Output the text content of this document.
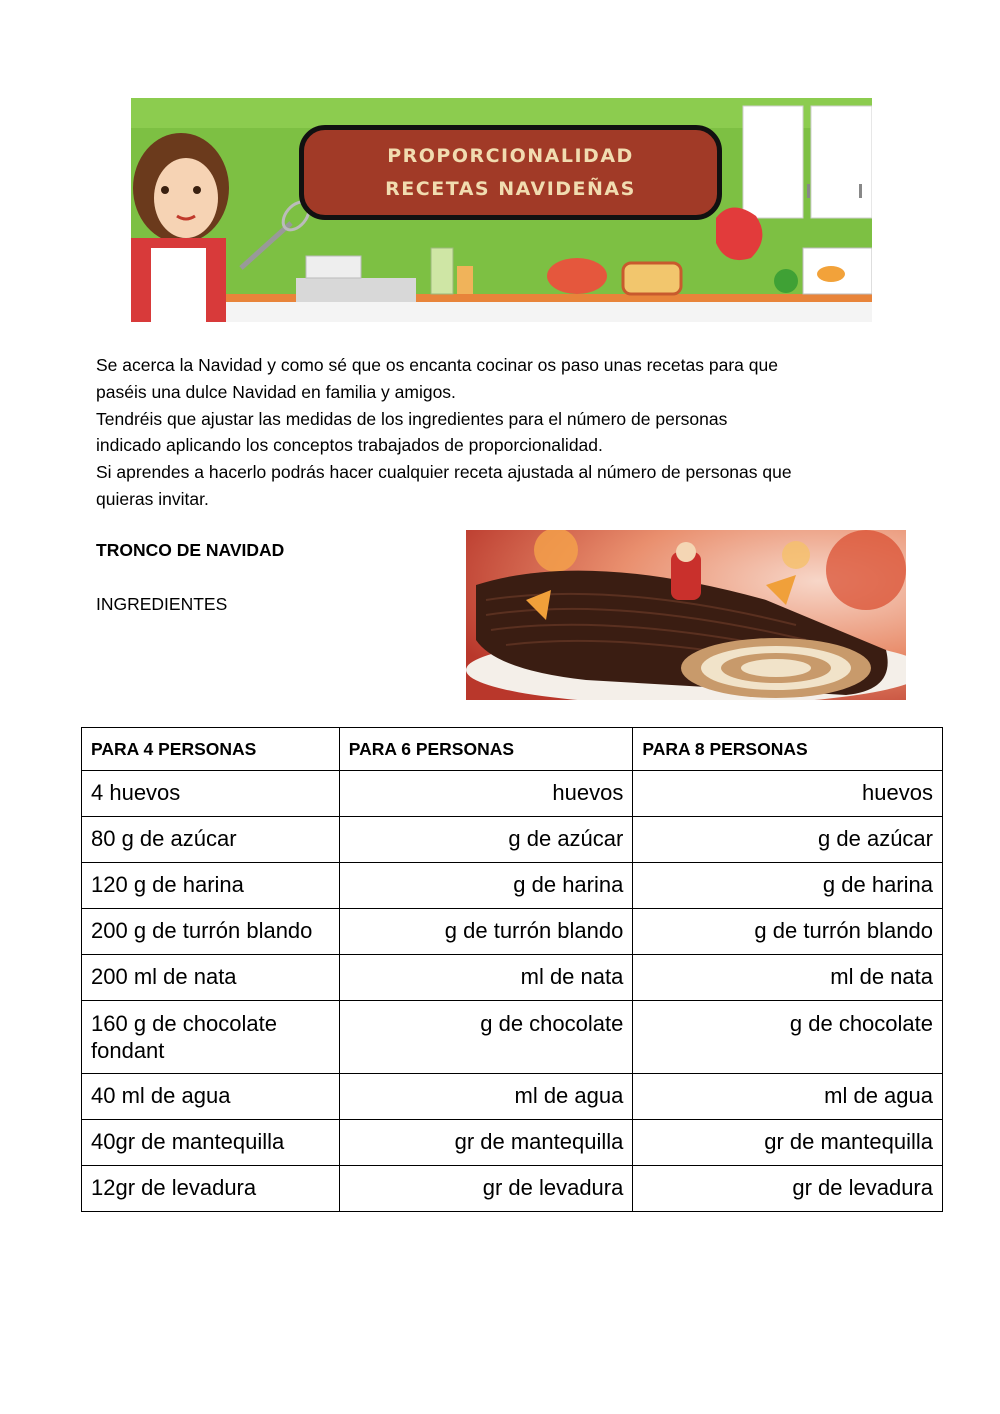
PROPORCIONALIDAD
RECETAS NAVIDEÑAS

Se acerca la Navidad y como sé que os encanta cocinar os paso unas recetas para que

paséis una dulce Navidad en familia y amigos.

Tendréis que ajustar las medidas de los ingredientes para el número de personas

indicado aplicando los conceptos trabajados de proporcionalidad.

Si aprendes a hacerlo podrás hacer cualquier receta ajustada al número de personas que

quieras invitar.

TRONCO DE NAVIDAD
INGREDIENTES
PARA 4 PERSONAS	PARA 6 PERSONAS	PARA 8 PERSONAS
4 huevos	huevos	huevos
80 g de azúcar	g de azúcar	g de azúcar
120 g de harina	g de harina	g de harina
200 g de turrón blando	g de turrón blando	g de turrón blando
200 ml de nata	ml de nata	ml de nata
160 g de chocolate fondant	g de chocolate	g de chocolate
40 ml de agua	ml de agua	ml de agua
40gr de mantequilla	gr de mantequilla	gr de mantequilla
12gr de levadura	gr de levadura	gr de levadura
